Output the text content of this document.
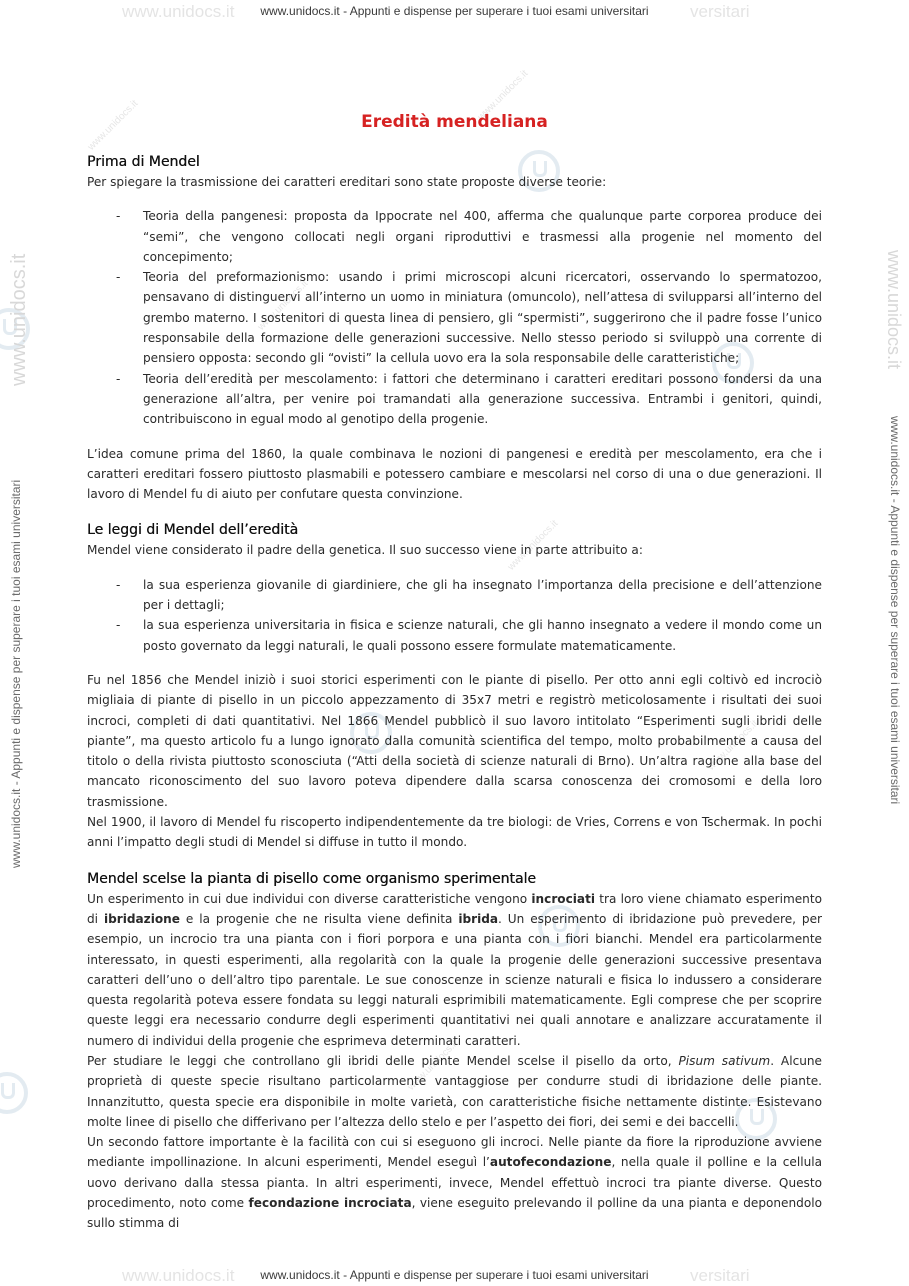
www.unidocs.it	versitari
www.unidocs.it	versitari
www.unidocs.it
www.unidocs.it
www.unidocs.it
www.unidocs.it
www.unidocs.it
www.unidocs.it
www.unidocs.it	www.unidocs.it
www.unidocs.it - Appunti e dispense per superare i tuoi esami universitari
www.unidocs.it - Appunti e dispense per superare i tuoi esami universitari
www.unidocs.it - Appunti e dispense per superare i tuoi esami universitari	www.unidocs.it - Appunti e dispense per superare i tuoi esami universitari
Eredità mendeliana
Prima di Mendel

Per spiegare la trasmissione dei caratteri ereditari sono state proposte diverse teorie:

- Teoria della pangenesi: proposta da Ippocrate nel 400, afferma che qualunque parte corporea produce dei “semi”, che vengono collocati negli organi riproduttivi e trasmessi alla progenie nel momento del concepimento;
- Teoria del preformazionismo: usando i primi microscopi alcuni ricercatori, osservando lo spermatozoo, pensavano di distinguervi all’interno un uomo in miniatura (omuncolo), nell’attesa di svilupparsi all’interno del grembo materno. I sostenitori di questa linea di pensiero, gli “spermisti”, suggerirono che il padre fosse l’unico responsabile della formazione delle generazioni successive. Nello stesso periodo si sviluppò una corrente di pensiero opposta: secondo gli “ovisti” la cellula uovo era la sola responsabile delle caratteristiche;
- Teoria dell’eredità per mescolamento: i fattori che determinano i caratteri ereditari possono fondersi da una generazione all’altra, per venire poi tramandati alla generazione successiva. Entrambi i genitori, quindi, contribuiscono in egual modo al genotipo della progenie.

L’idea comune prima del 1860, la quale combinava le nozioni di pangenesi e eredità per mescolamento, era che i caratteri ereditari fossero piuttosto plasmabili e potessero cambiare e mescolarsi nel corso di una o due generazioni. Il lavoro di Mendel fu di aiuto per confutare questa convinzione.

Le leggi di Mendel dell’eredità

Mendel viene considerato il padre della genetica. Il suo successo viene in parte attribuito a:

- la sua esperienza giovanile di giardiniere, che gli ha insegnato l’importanza della precisione e dell’attenzione per i dettagli;
- la sua esperienza universitaria in fisica e scienze naturali, che gli hanno insegnato a vedere il mondo come un posto governato da leggi naturali, le quali possono essere formulate matematicamente.

Fu nel 1856 che Mendel iniziò i suoi storici esperimenti con le piante di pisello. Per otto anni egli coltivò ed incrociò migliaia di piante di pisello in un piccolo appezzamento di 35x7 metri e registrò meticolosamente i risultati dei suoi incroci, completi di dati quantitativi. Nel 1866 Mendel pubblicò il suo lavoro intitolato “Esperimenti sugli ibridi delle piante”, ma questo articolo fu a lungo ignorato dalla comunità scientifica del tempo, molto probabilmente a causa del titolo o della rivista piuttosto sconosciuta (“Atti della società di scienze naturali di Brno). Un’altra ragione alla base del mancato riconoscimento del suo lavoro poteva dipendere dalla scarsa conoscenza dei cromosomi e della loro trasmissione.

Nel 1900, il lavoro di Mendel fu riscoperto indipendentemente da tre biologi: de Vries, Correns e von Tschermak. In pochi anni l’impatto degli studi di Mendel si diffuse in tutto il mondo.

Mendel scelse la pianta di pisello come organismo sperimentale

Un esperimento in cui due individui con diverse caratteristiche vengono incrociati tra loro viene chiamato esperimento di ibridazione e la progenie che ne risulta viene definita ibrida. Un esperimento di ibridazione può prevedere, per esempio, un incrocio tra una pianta con i fiori porpora e una pianta con i fiori bianchi. Mendel era particolarmente interessato, in questi esperimenti, alla regolarità con la quale la progenie delle generazioni successive presentava caratteri dell’uno o dell’altro tipo parentale. Le sue conoscenze in scienze naturali e fisica lo indussero a considerare questa regolarità poteva essere fondata su leggi naturali esprimibili matematicamente. Egli comprese che per scoprire queste leggi era necessario condurre degli esperimenti quantitativi nei quali annotare e analizzare accuratamente il numero di individui della progenie che esprimeva determinati caratteri.

Per studiare le leggi che controllano gli ibridi delle piante Mendel scelse il pisello da orto, Pisum sativum. Alcune proprietà di queste specie risultano particolarmente vantaggiose per condurre studi di ibridazione delle piante. Innanzitutto, questa specie era disponibile in molte varietà, con caratteristiche fisiche nettamente distinte. Esistevano molte linee di pisello che differivano per l’altezza dello stelo e per l’aspetto dei fiori, dei semi e dei baccelli.

Un secondo fattore importante è la facilità con cui si eseguono gli incroci. Nelle piante da fiore la riproduzione avviene mediante impollinazione. In alcuni esperimenti, Mendel eseguì l’autofecondazione, nella quale il polline e la cellula uovo derivano dalla stessa pianta. In altri esperimenti, invece, Mendel effettuò incroci tra piante diverse. Questo procedimento, noto come fecondazione incrociata, viene eseguito prelevando il polline da una pianta e deponendolo sullo stimma di
